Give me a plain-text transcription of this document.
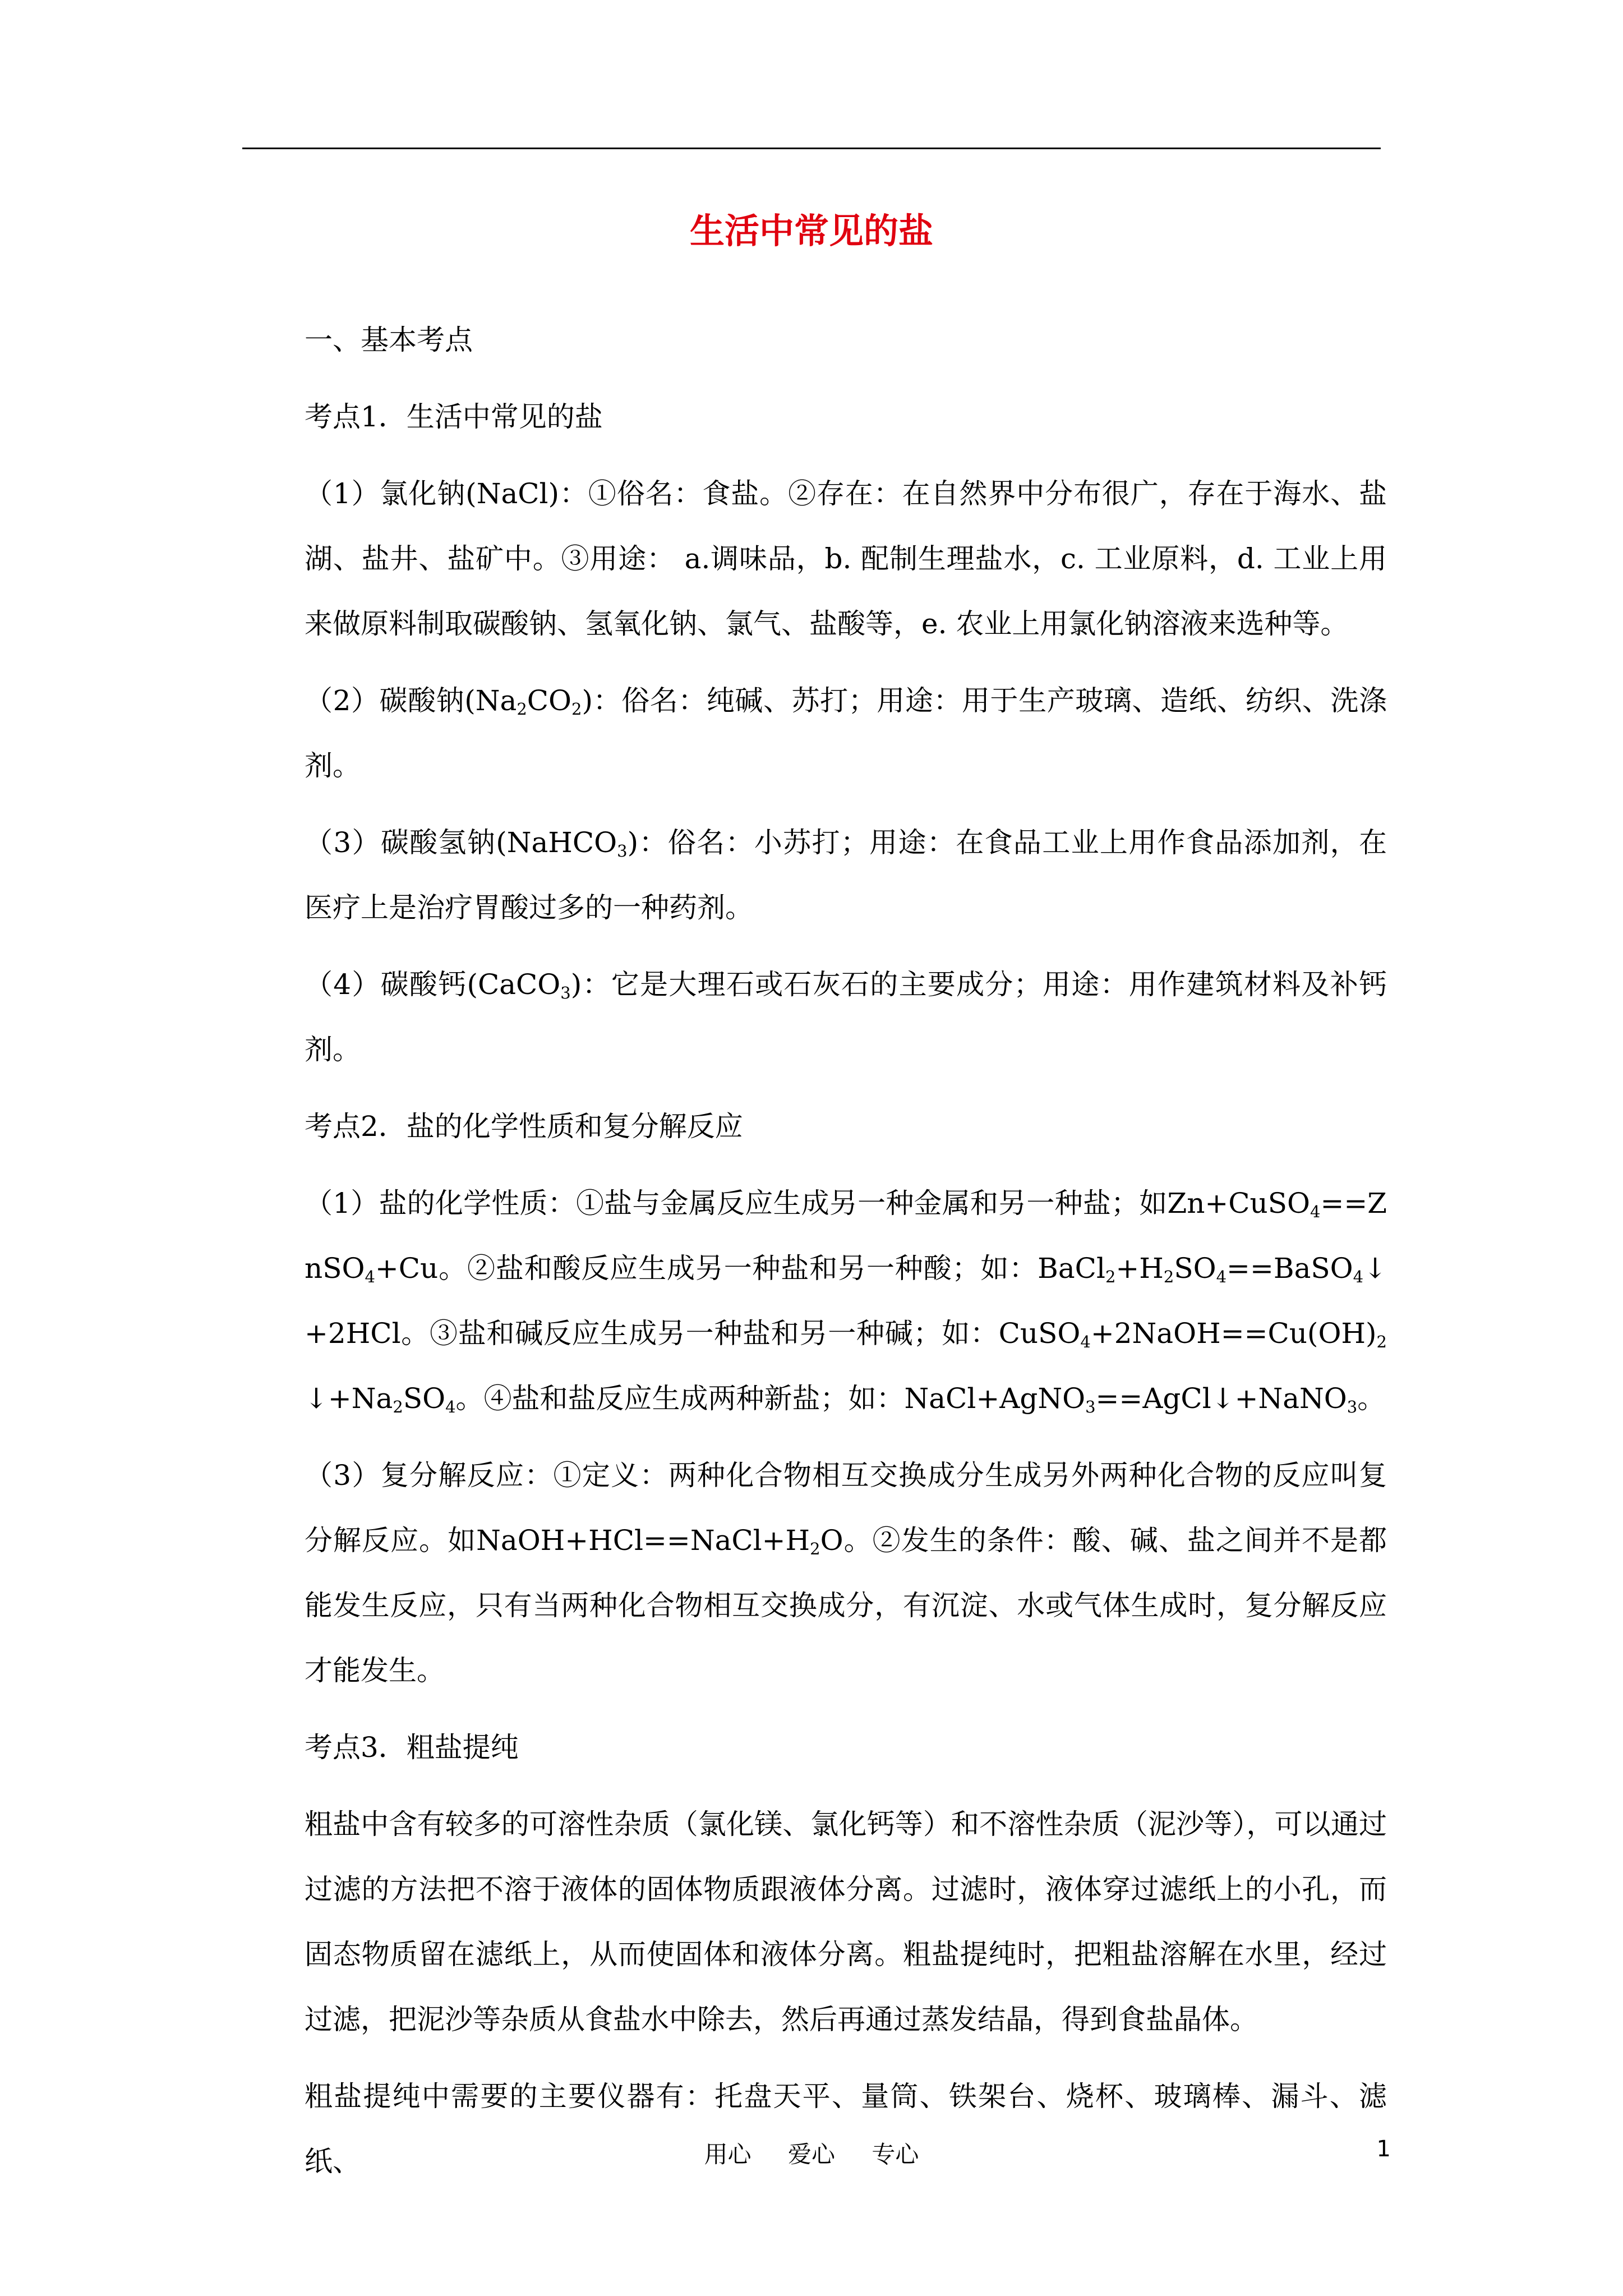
生活中常见的盐
一、基本考点
考点1．生活中常见的盐
（1）氯化钠(NaCl)：①俗名：食盐。②存在：在自然界中分布很广，存在于海水、盐湖、盐井、盐矿中。③用途： a.调味品，b. 配制生理盐水，c. 工业原料，d. 工业上用来做原料制取碳酸钠、氢氧化钠、氯气、盐酸等，e. 农业上用氯化钠溶液来选种等。
（2）碳酸钠$(Na_2CO_2)$：俗名：纯碱、苏打；用途：用于生产玻璃、造纸、纺织、洗涤剂。
（3）碳酸氢钠(NaHCO$_3$)：俗名：小苏打；用途：在食品工业上用作食品添加剂，在医疗上是治疗胃酸过多的一种药剂。
（4）碳酸钙(CaCO$_3$)：它是大理石或石灰石的主要成分；用途：用作建筑材料及补钙剂。
考点2．盐的化学性质和复分解反应
（1）盐的化学性质：①盐与金属反应生成另一种金属和另一种盐；如Zn+CuSO$_4$==ZnSO$_4$+Cu。②盐和酸反应生成另一种盐和另一种酸；如：$BaCl_2+H_2SO_4==BaSO_4↓+2HCl$。③盐和碱反应生成另一种盐和另一种碱；如：$CuSO_4+2NaOH==Cu(OH)_2↓+Na_2SO_4$。④盐和盐反应生成两种新盐；如：NaCl+AgNO$_3$==AgCl↓+NaNO$_3$。
（3）复分解反应：①定义：两种化合物相互交换成分生成另外两种化合物的反应叫复分解反应。如$NaOH+HCl==NaCl+H_2O$。②发生的条件：酸、碱、盐之间并不是都能发生反应，只有当两种化合物相互交换成分，有沉淀、水或气体生成时，复分解反应才能发生。
考点3．粗盐提纯
粗盐中含有较多的可溶性杂质（氯化镁、氯化钙等）和不溶性杂质（泥沙等），可以通过过滤的方法把不溶于液体的固体物质跟液体分离。过滤时，液体穿过滤纸上的小孔，而固态物质留在滤纸上，从而使固体和液体分离。粗盐提纯时，把粗盐溶解在水里，经过过滤，把泥沙等杂质从食盐水中除去，然后再通过蒸发结晶，得到食盐晶体。
粗盐提纯中需要的主要仪器有：托盘天平、量筒、铁架台、烧杯、玻璃棒、漏斗、滤纸、	用心 爱心 专心	1
